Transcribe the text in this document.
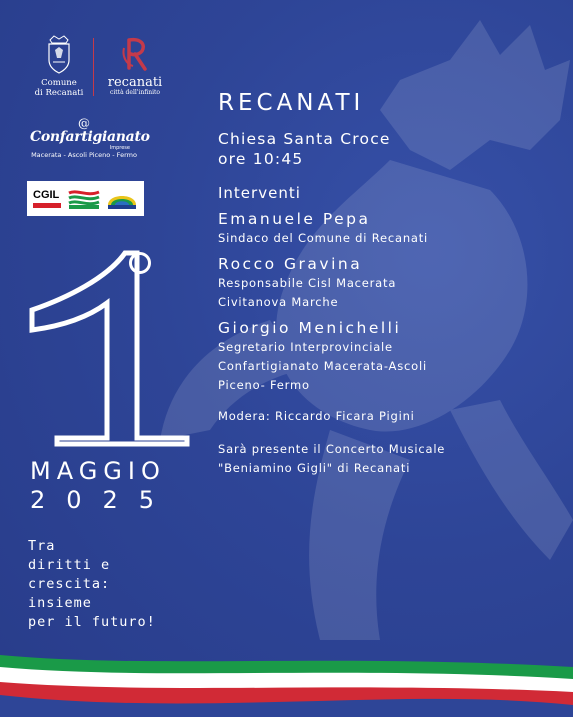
Comune
di Recanati
recanati
città dell'infinito
@
Confartigianato
Imprese
Macerata - Ascoli Piceno - Fermo
CGIL
MAGGIO
2025
Tra
diritti e
crescita:
insieme
per il futuro!
RECANATI
Chiesa Santa Croce
ore 10:45
Interventi
Emanuele Pepa
Sindaco del Comune di Recanati
Rocco Gravina
Responsabile Cisl Macerata
Civitanova Marche
Giorgio Menichelli
Segretario Interprovinciale
Confartigianato Macerata-Ascoli
Piceno- Fermo
Modera: Riccardo Ficara Pigini
Sarà presente il Concerto Musicale
"Beniamino Gigli" di Recanati
